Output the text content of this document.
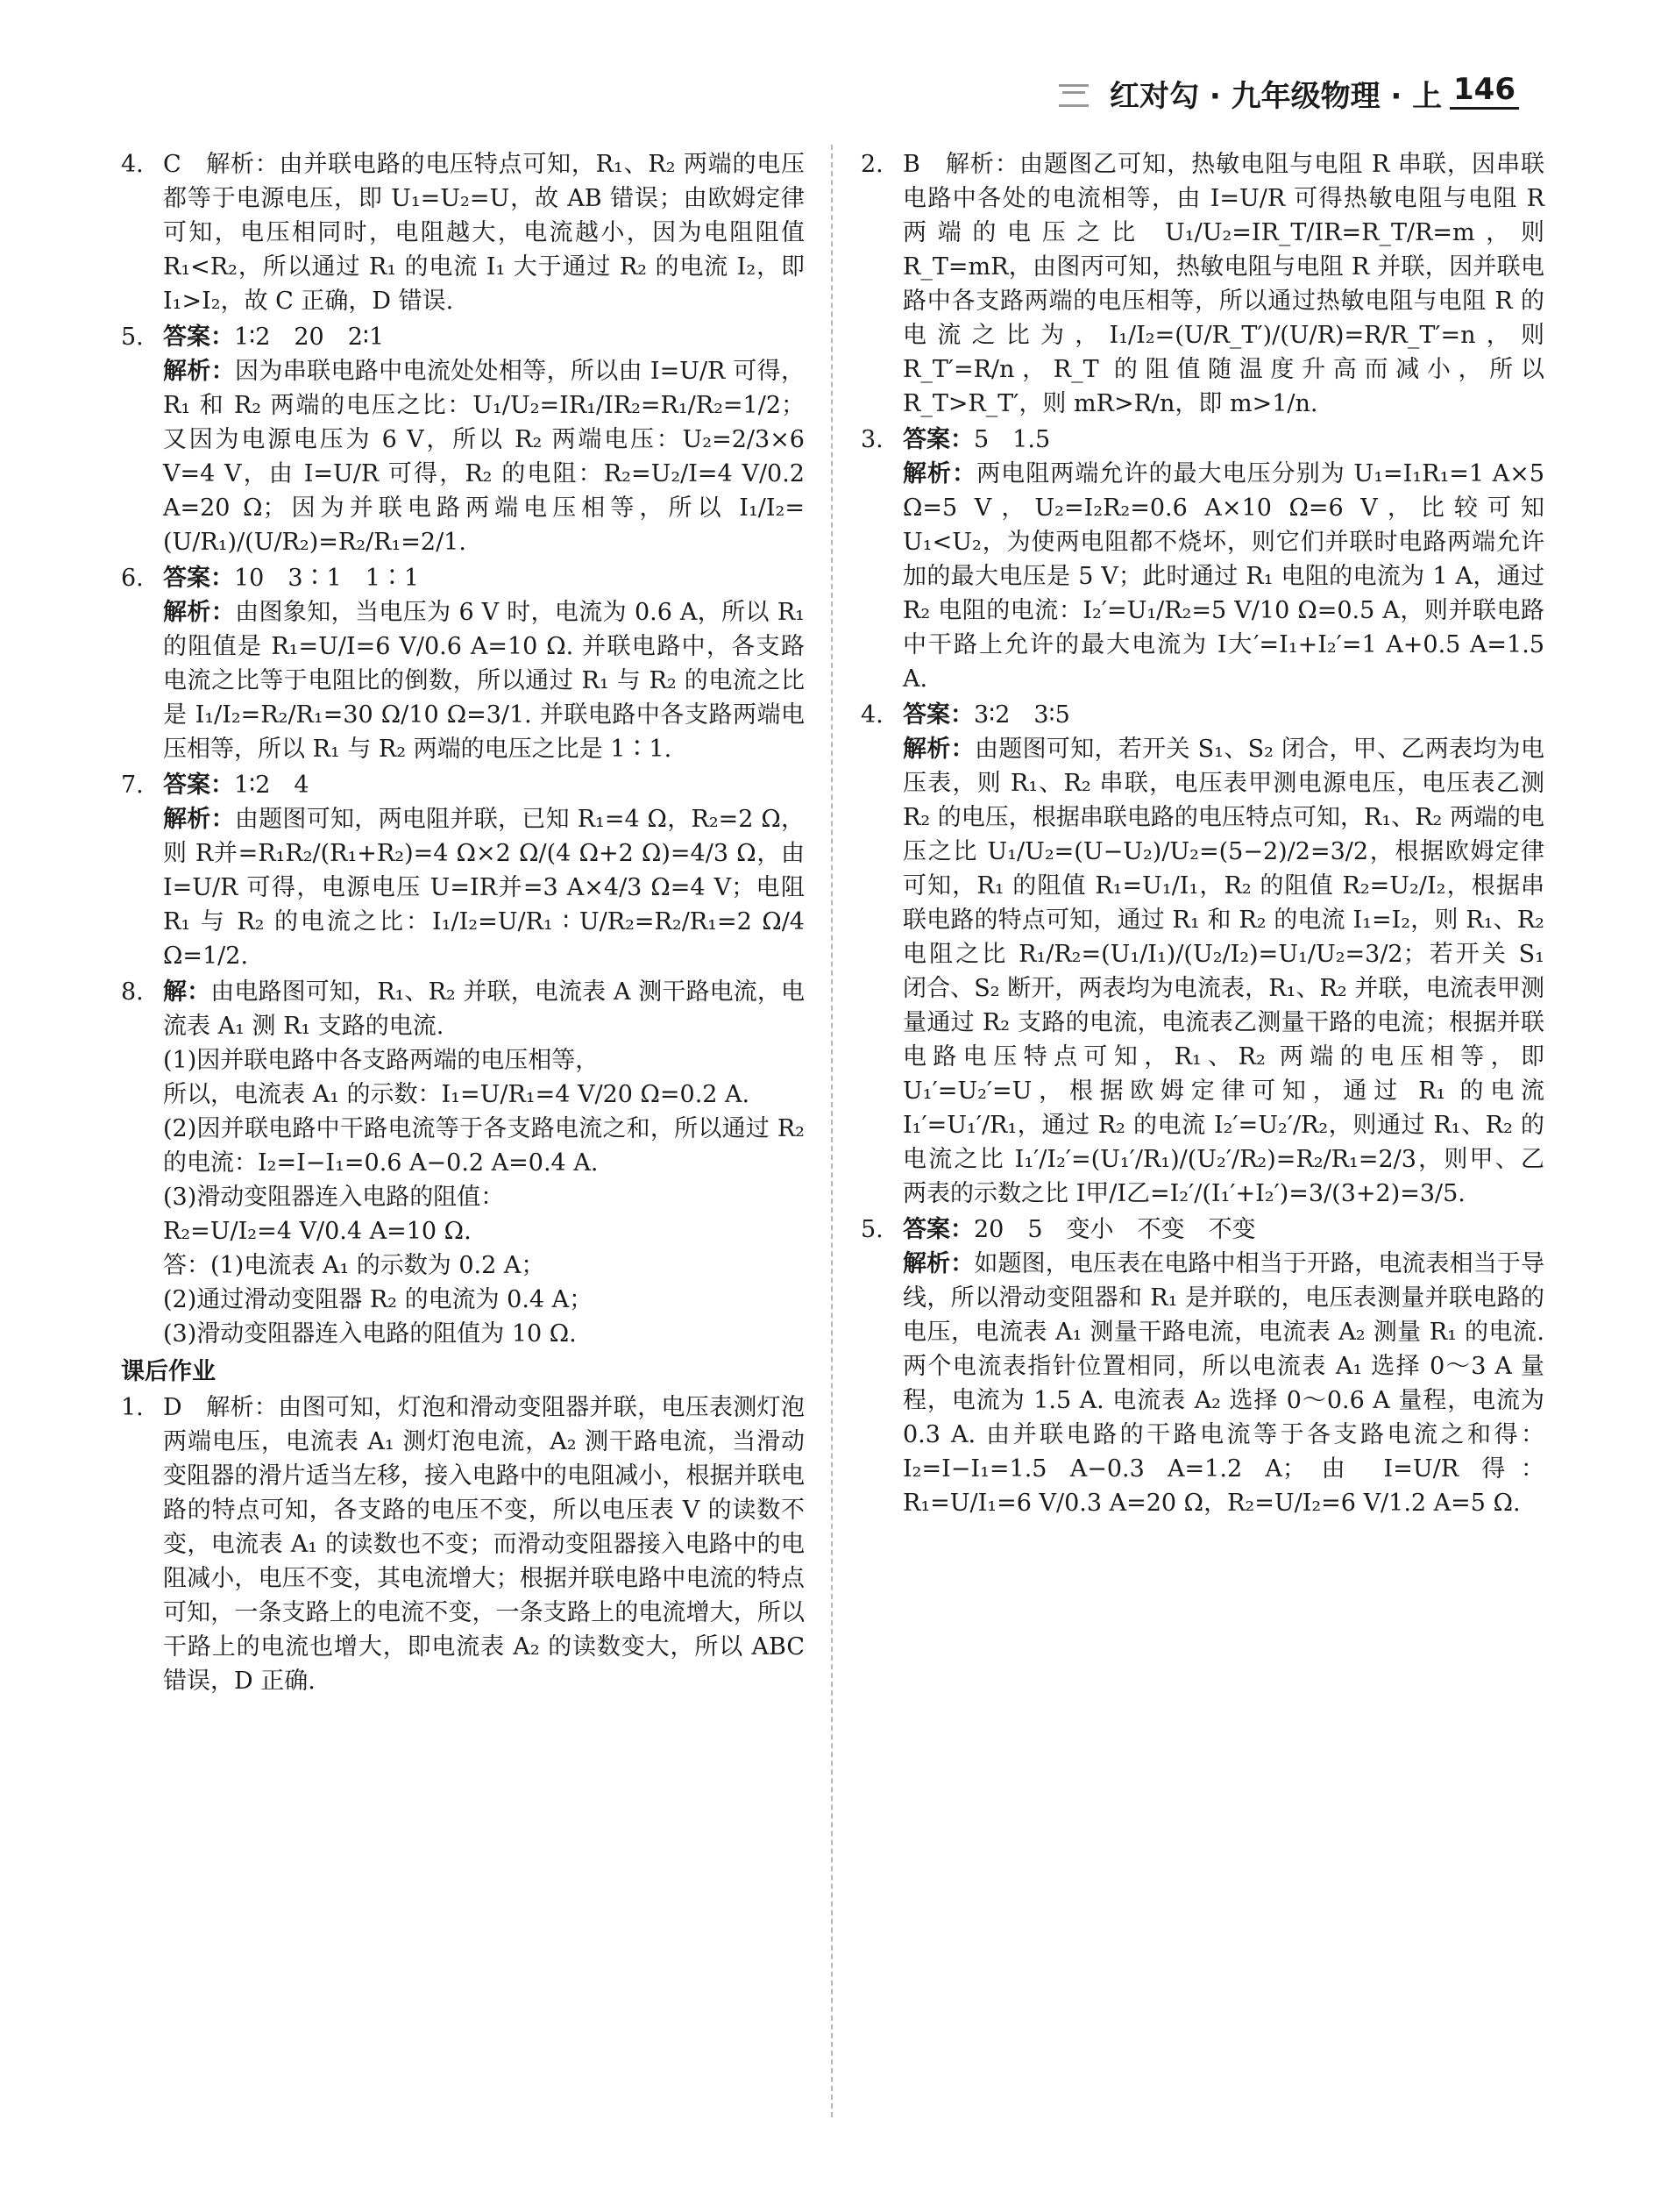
红对勾 · 九年级物理 · 上 146
4. C　解析：由并联电路的电压特点可知，R₁、R₂ 两端的电压都等于电源电压，即 U₁=U₂=U，故 AB 错误；由欧姆定律可知，电压相同时，电阻越大，电流越小，因为电阻阻值 R₁<R₂，所以通过 R₁ 的电流 I₁ 大于通过 R₂ 的电流 I₂，即 I₁>I₂，故 C 正确，D 错误.

5. 答案：1∶2　20　2∶1

解析：因为串联电路中电流处处相等，所以由 I=U/R 可得，R₁ 和 R₂ 两端的电压之比：U₁/U₂=IR₁/IR₂=R₁/R₂=1/2；又因为电源电压为 6 V，所以 R₂ 两端电压：U₂=2/3×6 V=4 V，由 I=U/R 可得，R₂ 的电阻：R₂=U₂/I=4 V/0.2 A=20 Ω；因为并联电路两端电压相等，所以 I₁/I₂=(U/R₁)/(U/R₂)=R₂/R₁=2/1.

6. 答案：10　3∶1　1∶1

解析：由图象知，当电压为 6 V 时，电流为 0.6 A，所以 R₁ 的阻值是 R₁=U/I=6 V/0.6 A=10 Ω. 并联电路中，各支路电流之比等于电阻比的倒数，所以通过 R₁ 与 R₂ 的电流之比是 I₁/I₂=R₂/R₁=30 Ω/10 Ω=3/1. 并联电路中各支路两端电压相等，所以 R₁ 与 R₂ 两端的电压之比是 1∶1.

7. 答案：1∶2　4

解析：由题图可知，两电阻并联，已知 R₁=4 Ω，R₂=2 Ω，则 R并=R₁R₂/(R₁+R₂)=4 Ω×2 Ω/(4 Ω+2 Ω)=4/3 Ω，由 I=U/R 可得，电源电压 U=IR并=3 A×4/3 Ω=4 V；电阻 R₁ 与 R₂ 的电流之比：I₁/I₂=U/R₁ ∶ U/R₂=R₂/R₁=2 Ω/4 Ω=1/2.

8. 解：由电路图可知，R₁、R₂ 并联，电流表 A 测干路电流，电流表 A₁ 测 R₁ 支路的电流.

(1)因并联电路中各支路两端的电压相等，

所以，电流表 A₁ 的示数：I₁=U/R₁=4 V/20 Ω=0.2 A.

(2)因并联电路中干路电流等于各支路电流之和，所以通过 R₂ 的电流：I₂=I−I₁=0.6 A−0.2 A=0.4 A.

(3)滑动变阻器连入电路的阻值：

R₂=U/I₂=4 V/0.4 A=10 Ω.

答：(1)电流表 A₁ 的示数为 0.2 A；

(2)通过滑动变阻器 R₂ 的电流为 0.4 A；

(3)滑动变阻器连入电路的阻值为 10 Ω.

课后作业
1. D　解析：由图可知，灯泡和滑动变阻器并联，电压表测灯泡两端电压，电流表 A₁ 测灯泡电流，A₂ 测干路电流，当滑动变阻器的滑片适当左移，接入电路中的电阻减小，根据并联电路的特点可知，各支路的电压不变，所以电压表 V 的读数不变，电流表 A₁ 的读数也不变；而滑动变阻器接入电路中的电阻减小，电压不变，其电流增大；根据并联电路中电流的特点可知，一条支路上的电流不变，一条支路上的电流增大，所以干路上的电流也增大，即电流表 A₂ 的读数变大，所以 ABC 错误，D 正确.

2. B　解析：由题图乙可知，热敏电阻与电阻 R 串联，因串联电路中各处的电流相等，由 I=U/R 可得热敏电阻与电阻 R 两端的电压之比 U₁/U₂=IR_T/IR=R_T/R=m，则 R_T=mR，由图丙可知，热敏电阻与电阻 R 并联，因并联电路中各支路两端的电压相等，所以通过热敏电阻与电阻 R 的电流之比为，I₁/I₂=(U/R_T′)/(U/R)=R/R_T′=n，则 R_T′=R/n，R_T 的阻值随温度升高而减小，所以 R_T>R_T′，则 mR>R/n，即 m>1/n.

3. 答案：5　1.5

解析：两电阻两端允许的最大电压分别为 U₁=I₁R₁=1 A×5 Ω=5 V，U₂=I₂R₂=0.6 A×10 Ω=6 V，比较可知 U₁<U₂，为使两电阻都不烧坏，则它们并联时电路两端允许加的最大电压是 5 V；此时通过 R₁ 电阻的电流为 1 A，通过 R₂ 电阻的电流：I₂′=U₁/R₂=5 V/10 Ω=0.5 A，则并联电路中干路上允许的最大电流为 I大′=I₁+I₂′=1 A+0.5 A=1.5 A.

4. 答案：3∶2　3∶5

解析：由题图可知，若开关 S₁、S₂ 闭合，甲、乙两表均为电压表，则 R₁、R₂ 串联，电压表甲测电源电压，电压表乙测 R₂ 的电压，根据串联电路的电压特点可知，R₁、R₂ 两端的电压之比 U₁/U₂=(U−U₂)/U₂=(5−2)/2=3/2，根据欧姆定律可知，R₁ 的阻值 R₁=U₁/I₁，R₂ 的阻值 R₂=U₂/I₂，根据串联电路的特点可知，通过 R₁ 和 R₂ 的电流 I₁=I₂，则 R₁、R₂ 电阻之比 R₁/R₂=(U₁/I₁)/(U₂/I₂)=U₁/U₂=3/2；若开关 S₁ 闭合、S₂ 断开，两表均为电流表，R₁、R₂ 并联，电流表甲测量通过 R₂ 支路的电流，电流表乙测量干路的电流；根据并联电路电压特点可知，R₁、R₂ 两端的电压相等，即 U₁′=U₂′=U，根据欧姆定律可知，通过 R₁ 的电流 I₁′=U₁′/R₁，通过 R₂ 的电流 I₂′=U₂′/R₂，则通过 R₁、R₂ 的电流之比 I₁′/I₂′=(U₁′/R₁)/(U₂′/R₂)=R₂/R₁=2/3，则甲、乙两表的示数之比 I甲/I乙=I₂′/(I₁′+I₂′)=3/(3+2)=3/5.

5. 答案：20　5　变小　不变　不变

解析：如题图，电压表在电路中相当于开路，电流表相当于导线，所以滑动变阻器和 R₁ 是并联的，电压表测量并联电路的电压，电流表 A₁ 测量干路电流，电流表 A₂ 测量 R₁ 的电流. 两个电流表指针位置相同，所以电流表 A₁ 选择 0～3 A 量程，电流为 1.5 A. 电流表 A₂ 选择 0～0.6 A 量程，电流为 0.3 A. 由并联电路的干路电流等于各支路电流之和得：I₂=I−I₁=1.5 A−0.3 A=1.2 A；由 I=U/R 得：R₁=U/I₁=6 V/0.3 A=20 Ω，R₂=U/I₂=6 V/1.2 A=5 Ω.
